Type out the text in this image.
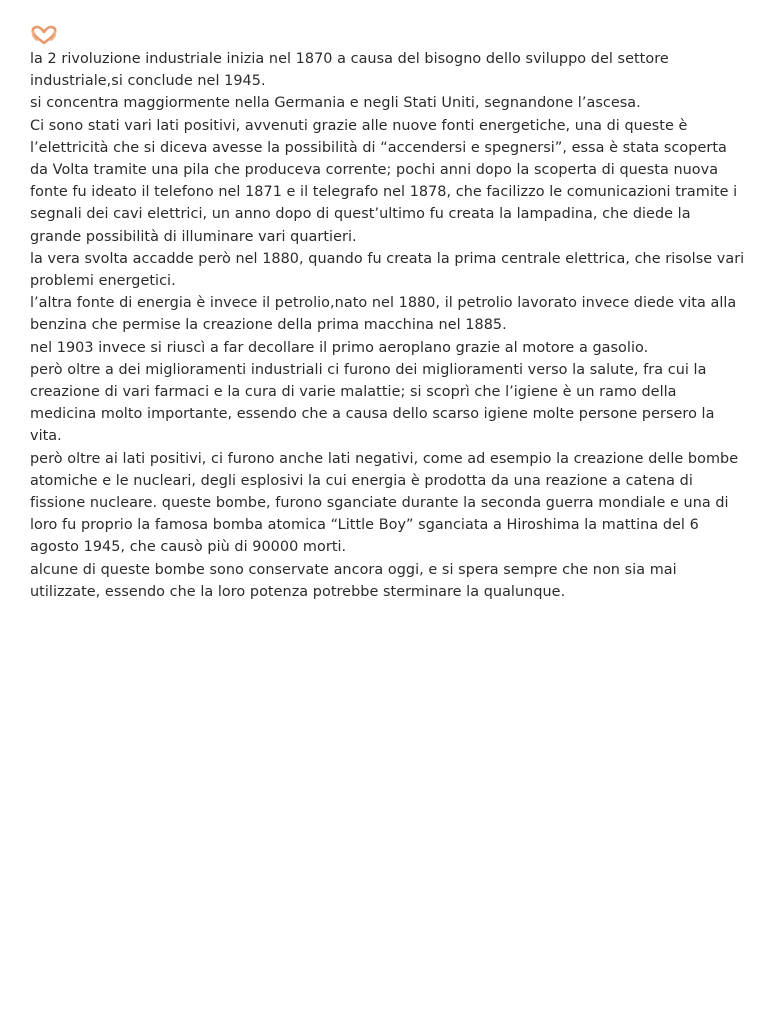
la 2 rivoluzione industriale inizia nel 1870 a causa del bisogno dello sviluppo del settore industriale,si conclude nel 1945.

si concentra maggiormente nella Germania e negli Stati Uniti, segnandone l’ascesa.

Ci sono stati vari lati positivi, avvenuti grazie alle nuove fonti energetiche, una di queste è l’elettricità che si diceva avesse la possibilità di “accendersi e spegnersi”, essa è stata scoperta da Volta tramite una pila che produceva corrente; pochi anni dopo la scoperta di questa nuova fonte fu ideato il telefono nel 1871 e il telegrafo nel 1878, che facilizzo le comunicazioni tramite i segnali dei cavi elettrici, un anno dopo di quest’ultimo fu creata la lampadina, che diede la grande possibilità di illuminare vari quartieri.

la vera svolta accadde però nel 1880, quando fu creata la prima centrale elettrica, che risolse vari problemi energetici.

l’altra fonte di energia è invece il petrolio,nato nel 1880, il petrolio lavorato invece diede vita alla benzina che permise la creazione della prima macchina nel 1885.

nel 1903 invece si riuscì a far decollare il primo aeroplano grazie al motore a gasolio.

però oltre a dei miglioramenti industriali ci furono dei miglioramenti verso la salute, fra cui la creazione di vari farmaci e la cura di varie malattie; si scoprì che l’igiene è un ramo della medicina molto importante, essendo che a causa dello scarso igiene molte persone persero la vita.

però oltre ai lati positivi, ci furono anche lati negativi, come ad esempio la creazione delle bombe atomiche e le nucleari, degli esplosivi la cui energia è prodotta da una reazione a catena di fissione nucleare. queste bombe, furono sganciate durante la seconda guerra mondiale e una di loro fu proprio la famosa bomba atomica “Little Boy” sganciata a Hiroshima la mattina del 6 agosto 1945, che causò più di 90000 morti.

alcune di queste bombe sono conservate ancora oggi, e si spera sempre che non sia mai utilizzate, essendo che la loro potenza potrebbe sterminare la qualunque.
